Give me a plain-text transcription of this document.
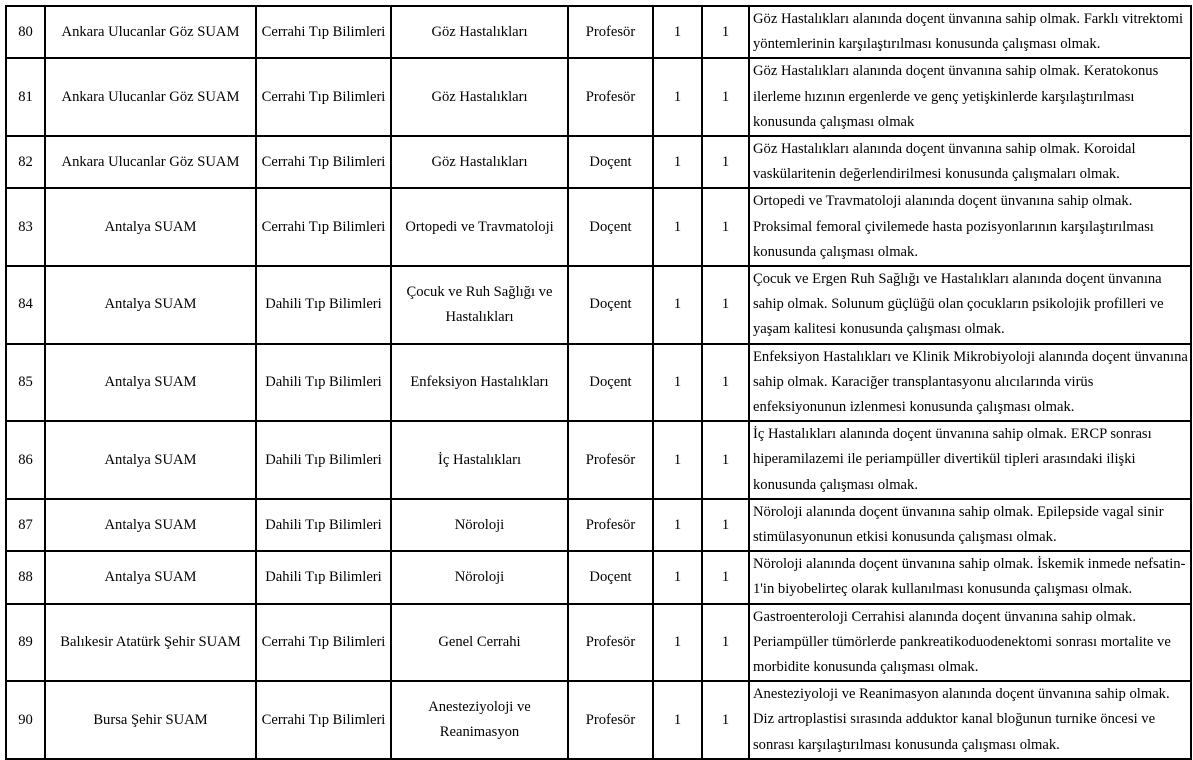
80	Ankara Ulucanlar Göz SUAM	Cerrahi Tıp Bilimleri	Göz Hastalıkları	Profesör	1	1	Göz Hastalıkları alanında doçent ünvanına sahip olmak. Farklı vitrektomi yöntemlerinin karşılaştırılması konusunda çalışması olmak.
81	Ankara Ulucanlar Göz SUAM	Cerrahi Tıp Bilimleri	Göz Hastalıkları	Profesör	1	1	Göz Hastalıkları alanında doçent ünvanına sahip olmak. Keratokonus ilerleme hızının ergenlerde ve genç yetişkinlerde karşılaştırılması konusunda çalışması olmak
82	Ankara Ulucanlar Göz SUAM	Cerrahi Tıp Bilimleri	Göz Hastalıkları	Doçent	1	1	Göz Hastalıkları alanında doçent ünvanına sahip olmak. Koroidal vaskülaritenin değerlendirilmesi konusunda çalışmaları olmak.
83	Antalya SUAM	Cerrahi Tıp Bilimleri	Ortopedi ve Travmatoloji	Doçent	1	1	Ortopedi ve Travmatoloji alanında doçent ünvanına sahip olmak. Proksimal femoral çivilemede hasta pozisyonlarının karşılaştırılması konusunda çalışması olmak.
84	Antalya SUAM	Dahili Tıp Bilimleri	Çocuk ve Ruh Sağlığı ve Hastalıkları	Doçent	1	1	Çocuk ve Ergen Ruh Sağlığı ve Hastalıkları alanında doçent ünvanına sahip olmak. Solunum güçlüğü olan çocukların psikolojik profilleri ve yaşam kalitesi konusunda çalışması olmak.
85	Antalya SUAM	Dahili Tıp Bilimleri	Enfeksiyon Hastalıkları	Doçent	1	1	Enfeksiyon Hastalıkları ve Klinik Mikrobiyoloji alanında doçent ünvanına sahip olmak. Karaciğer transplantasyonu alıcılarında virüs enfeksiyonunun izlenmesi konusunda çalışması olmak.
86	Antalya SUAM	Dahili Tıp Bilimleri	İç Hastalıkları	Profesör	1	1	İç Hastalıkları alanında doçent ünvanına sahip olmak. ERCP sonrası hiperamilazemi ile periampüller divertikül tipleri arasındaki ilişki konusunda çalışması olmak.
87	Antalya SUAM	Dahili Tıp Bilimleri	Nöroloji	Profesör	1	1	Nöroloji alanında doçent ünvanına sahip olmak. Epilepside vagal sinir stimülasyonunun etkisi konusunda çalışması olmak.
88	Antalya SUAM	Dahili Tıp Bilimleri	Nöroloji	Doçent	1	1	Nöroloji alanında doçent ünvanına sahip olmak. İskemik inmede nefsatin-1'in biyobelirteç olarak kullanılması konusunda çalışması olmak.
89	Balıkesir Atatürk Şehir SUAM	Cerrahi Tıp Bilimleri	Genel Cerrahi	Profesör	1	1	Gastroenteroloji Cerrahisi alanında doçent ünvanına sahip olmak. Periampüller tümörlerde pankreatikoduodenektomi sonrası mortalite ve morbidite konusunda çalışması olmak.
90	Bursa Şehir SUAM	Cerrahi Tıp Bilimleri	Anesteziyoloji ve Reanimasyon	Profesör	1	1	Anesteziyoloji ve Reanimasyon alanında doçent ünvanına sahip olmak. Diz artroplastisi sırasında adduktor kanal bloğunun turnike öncesi ve sonrası karşılaştırılması konusunda çalışması olmak.
